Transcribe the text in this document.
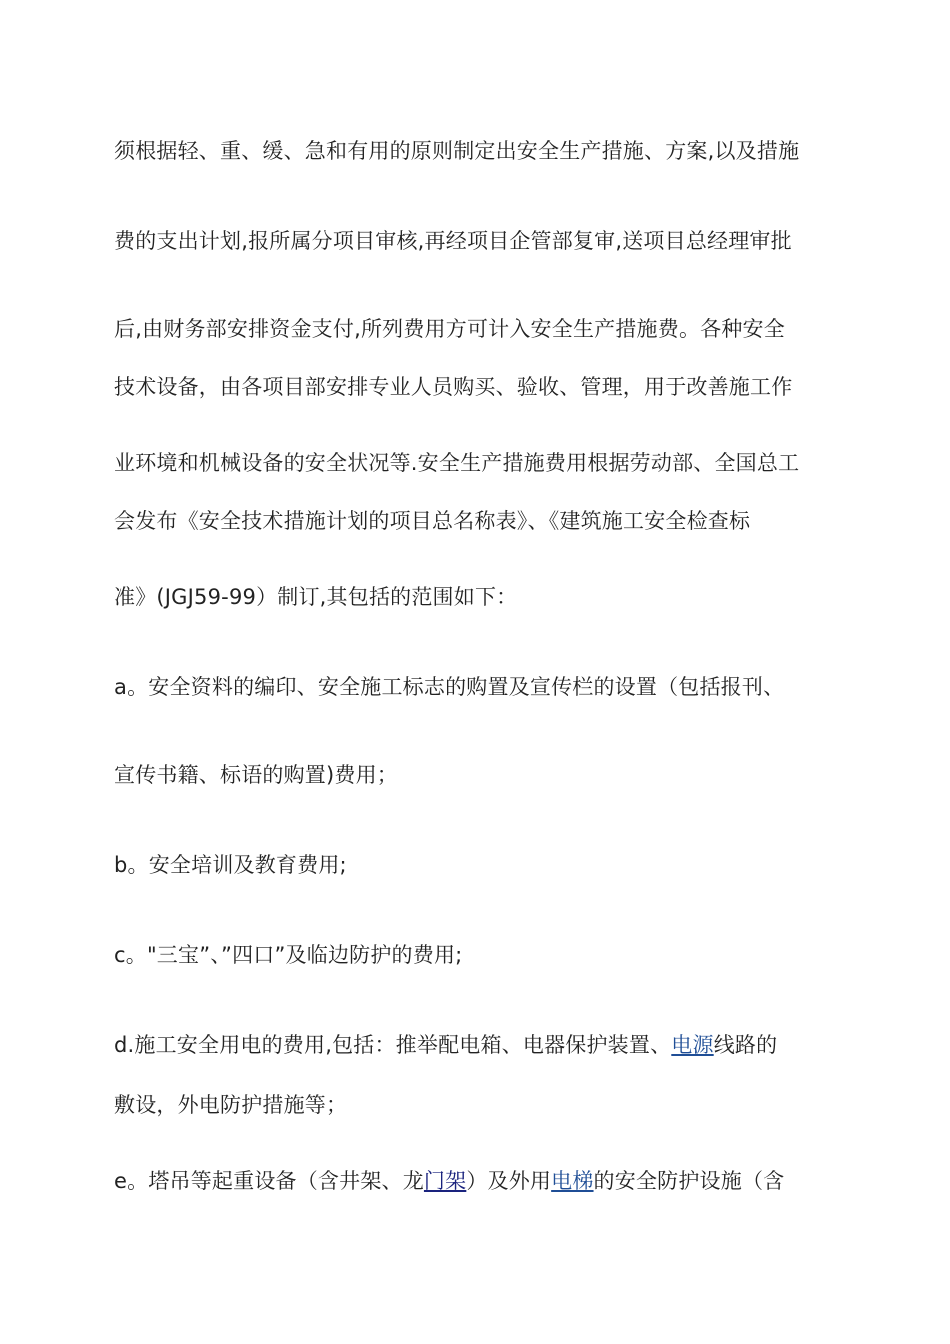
须根据轻、重、缓、急和有用的原则制定出安全生产措施、方案,以及措施
费的支出计划,报所属分项目审核,再经项目企管部复审,送项目总经理审批
后,由财务部安排资金支付,所列费用方可计入安全生产措施费。各种安全
技术设备，由各项目部安排专业人员购买、验收、管理，用于改善施工作
业环境和机械设备的安全状况等.安全生产措施费用根据劳动部、全国总工
会发布《安全技术措施计划的项目总名称表》、《建筑施工安全检查标
准》(JGJ59-99）制订,其包括的范围如下：
a。安全资料的编印、安全施工标志的购置及宣传栏的设置（包括报刊、
宣传书籍、标语的购置)费用；
b。安全培训及教育费用;
c。"三宝”、”四口”及临边防护的费用;
d.施工安全用电的费用,包括：推举配电箱、电器保护装置、电源线路的
敷设，外电防护措施等；
e。塔吊等起重设备（含井架、龙门架）及外用电梯的安全防护设施（含
